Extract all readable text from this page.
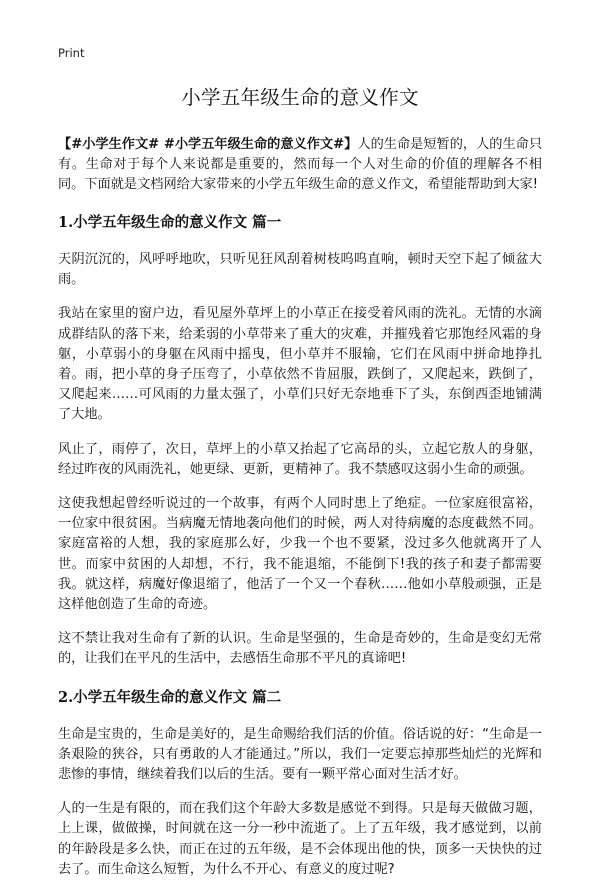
Print
小学五年级生命的意义作文

【#小学生作文# #小学五年级生命的意义作文#】人的生命是短暂的，人的生命只有。生命对于每个人来说都是重要的，然而每一个人对生命的价值的理解各不相同。下面就是文档网给大家带来的小学五年级生命的意义作文，希望能帮助到大家!

1.小学五年级生命的意义作文 篇一

天阴沉沉的，风呼呼地吹，只听见狂风刮着树枝呜呜直响，顿时天空下起了倾盆大雨。

我站在家里的窗户边，看见屋外草坪上的小草正在接受着风雨的洗礼。无情的水滴成群结队的落下来，给柔弱的小草带来了重大的灾难，并摧残着它那饱经风霜的身躯，小草弱小的身躯在风雨中摇曳，但小草并不服输，它们在风雨中拼命地挣扎着。雨，把小草的身子压弯了，小草依然不肯屈服，跌倒了，又爬起来，跌倒了，又爬起来……可风雨的力量太强了，小草们只好无奈地垂下了头，东倒西歪地铺满了大地。

风止了，雨停了，次日，草坪上的小草又抬起了它高昂的头，立起它敖人的身躯，经过昨夜的风雨洗礼，她更绿、更新，更精神了。我不禁感叹这弱小生命的顽强。

这使我想起曾经听说过的一个故事，有两个人同时患上了绝症。一位家庭很富裕，一位家中很贫困。当病魔无情地袭向他们的时候，两人对待病魔的态度截然不同。家庭富裕的人想，我的家庭那么好，少我一个也不要紧，没过多久他就离开了人世。而家中贫困的人却想，不行，我不能退缩，不能倒下!我的孩子和妻子都需要我。就这样，病魔好像退缩了，他活了一个又一个春秋……他如小草般顽强，正是这样他创造了生命的奇迹。

这不禁让我对生命有了新的认识。生命是坚强的，生命是奇妙的，生命是变幻无常的，让我们在平凡的生活中，去感悟生命那不平凡的真谛吧!

2.小学五年级生命的意义作文 篇二

生命是宝贵的，生命是美好的，是生命赐给我们活的价值。俗话说的好：“生命是一条艰险的狭谷，只有勇敢的人才能通过。”所以，我们一定要忘掉那些灿烂的光辉和悲惨的事情，继续着我们以后的生活。要有一颗平常心面对生活才好。

人的一生是有限的，而在我们这个年龄大多数是感觉不到得。只是每天做做习题，上上课，做做操，时间就在这一分一秒中流逝了。上了五年级，我才感觉到，以前的年龄段是多么快，而正在过的五年级，是不会体现出他的快，顶多一天快快的过去了。而生命这么短暂，为什么不开心、有意义的度过呢?
